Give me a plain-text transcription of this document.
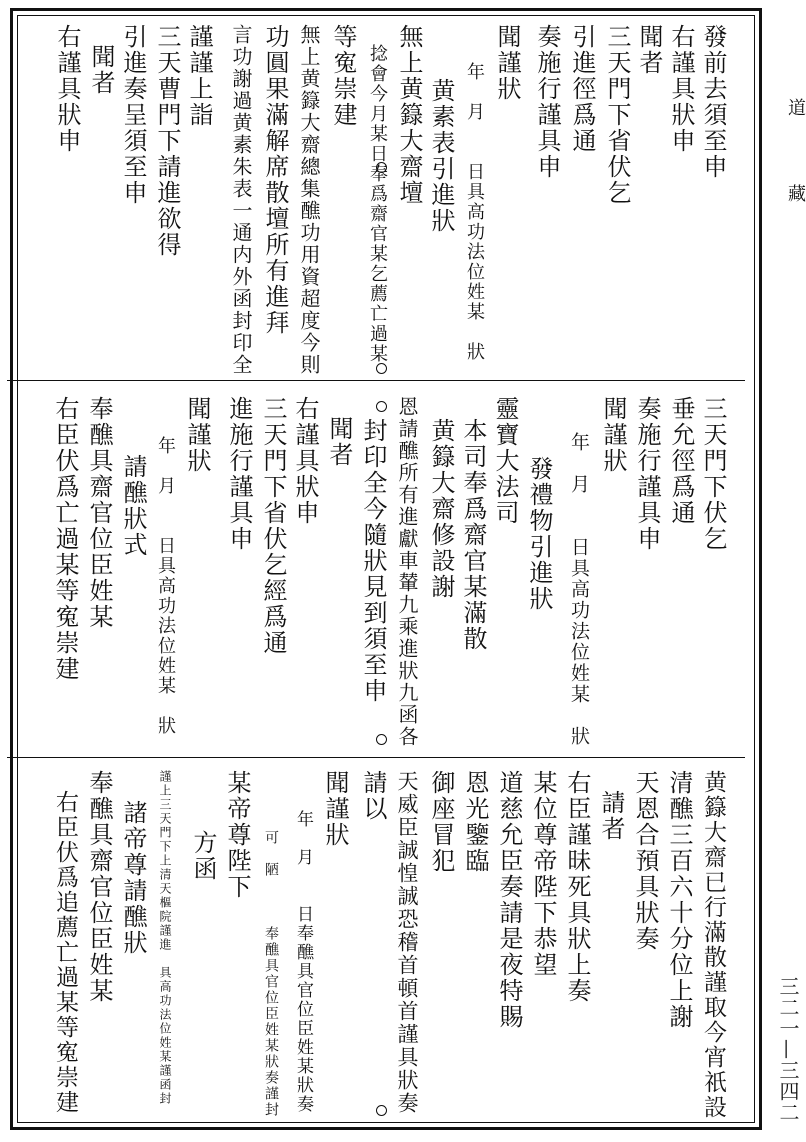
發前去須至申
右謹具狀申
聞者
三天門下省伏乞
引進徑爲通
奏施行謹具申
聞謹狀
年　月　　日具高功法位姓某　狀
黄素表引進狀
無上黄籙大齋壇
捻會今月某日奉爲齋官某乞薦亡過某
等寃崇建
無上黄籙大齋總集醮功用資超度今則
功圓果滿解席散壇所有進拜
言功謝過黄素朱表一通内外函封印全
謹謹上詣
三天曹門下請進欲得
引進奏呈須至申
聞者
右謹具狀申
三天門下伏乞
垂允徑爲通
奏施行謹具申
聞謹狀
年　月　　日具高功法位姓某　狀
發禮物引進狀
靈寶大法司
本司奉爲齋官某滿散
黄籙大齋修設謝
恩請醮所有進獻車輦九乘進狀九函各
封印全今隨狀見到須至申
聞者
右謹具狀申
三天門下省伏乞經爲通
進施行謹具申
聞謹狀
年　月　　日具高功法位姓某　狀
請醮狀式
奉醮具齋官位臣姓某
右臣伏爲亡過某等寃崇建
黄籙大齋已行滿散謹取今宵祇設
清醮三百六十分位上謝
天恩合預具狀奏
請者
右臣謹昧死具狀上奏
某位尊帝陛下恭望
道慈允臣奏請是夜特賜
恩光鑒臨
御座冒犯
天威臣誠惶誠恐稽首頓首謹具狀奏
請以
聞謹狀
年　月　　日奉醮具官位臣姓某狀奏
可　陋　　　奉醮具官位臣姓某狀奏謹封
某帝尊陛下
方函
謹上三天門下上清天樞院謹進　具高功法位姓某謹函封
諸帝尊請醮狀
奉醮具齋官位臣姓某
右臣伏爲追薦亡過某等寃崇建
道
藏
三二一—三四二
